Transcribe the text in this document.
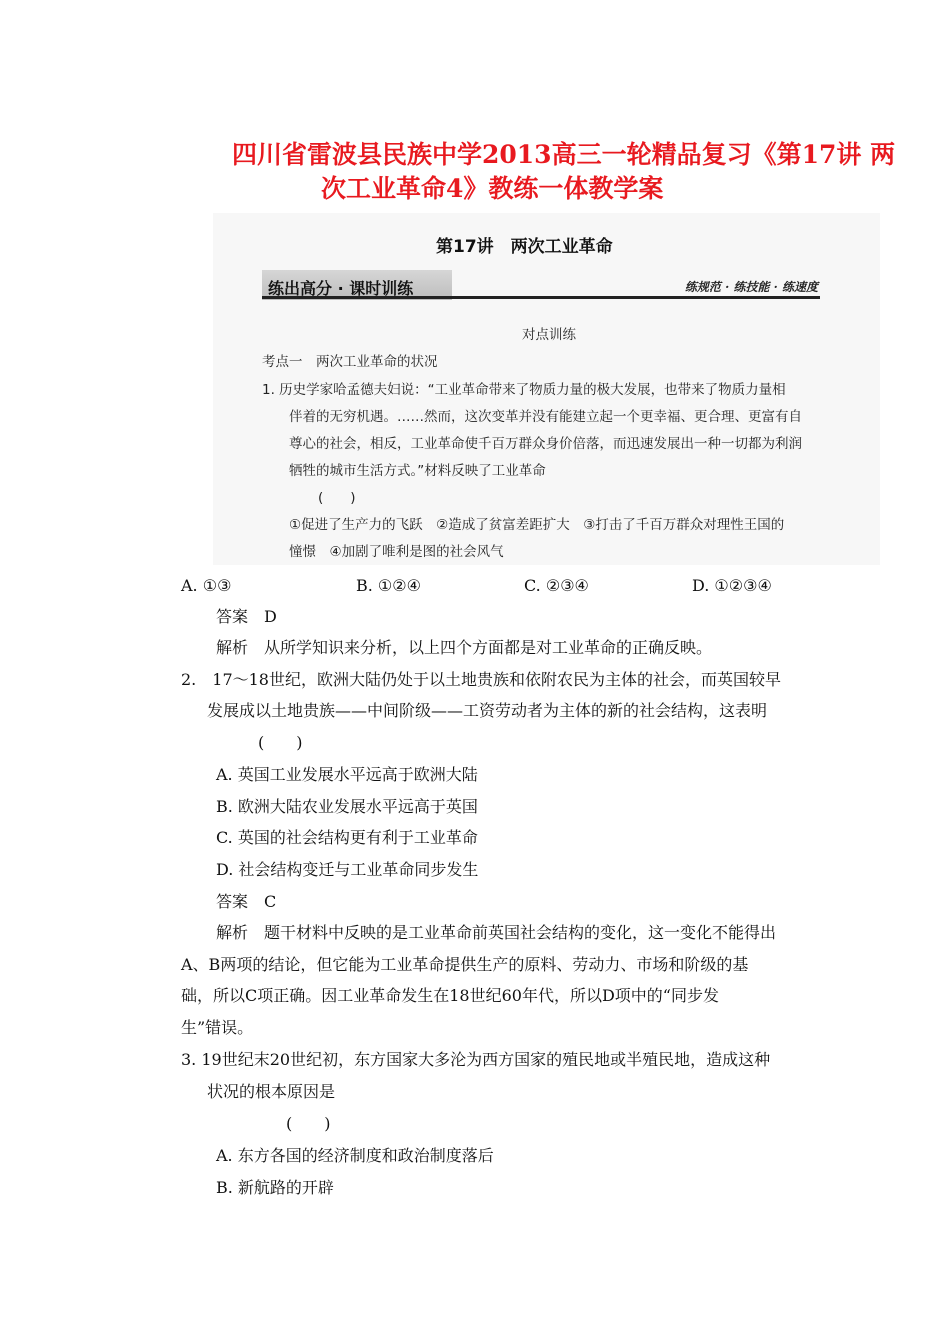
四川省雷波县民族中学2013高三一轮精品复习《第17讲 两
次工业革命4》教练一体教学案
第17讲　两次工业革命
练出高分 · 课时训练	练规范 · 练技能 · 练速度
对点训练
考点一　两次工业革命的状况
1. 历史学家哈孟德夫妇说：“工业革命带来了物质力量的极大发展，也带来了物质力量相
伴着的无穷机遇。……然而，这次变革并没有能建立起一个更幸福、更合理、更富有自
尊心的社会，相反，工业革命使千百万群众身价倍落，而迅速发展出一种一切都为利润
牺牲的城市生活方式。”材料反映了工业革命
(　　)
①促进了生产力的飞跃　②造成了贫富差距扩大　③打击了千百万群众对理性王国的
憧憬　④加剧了唯利是图的社会风气
A. ①③	B. ①②④	C. ②③④	D. ①②③④
答案　D
解析　从所学知识来分析，以上四个方面都是对工业革命的正确反映。
2.　17～18世纪，欧洲大陆仍处于以土地贵族和依附农民为主体的社会，而英国较早
发展成以土地贵族——中间阶级——工资劳动者为主体的新的社会结构，这表明
(　　)
A. 英国工业发展水平远高于欧洲大陆
B. 欧洲大陆农业发展水平远高于英国
C. 英国的社会结构更有利于工业革命
D. 社会结构变迁与工业革命同步发生
答案　C
解析　题干材料中反映的是工业革命前英国社会结构的变化，这一变化不能得出
A、B两项的结论，但它能为工业革命提供生产的原料、劳动力、市场和阶级的基
础，所以C项正确。因工业革命发生在18世纪60年代，所以D项中的“同步发
生”错误。
3. 19世纪末20世纪初，东方国家大多沦为西方国家的殖民地或半殖民地，造成这种
状况的根本原因是
(　　)
A. 东方各国的经济制度和政治制度落后
B. 新航路的开辟
